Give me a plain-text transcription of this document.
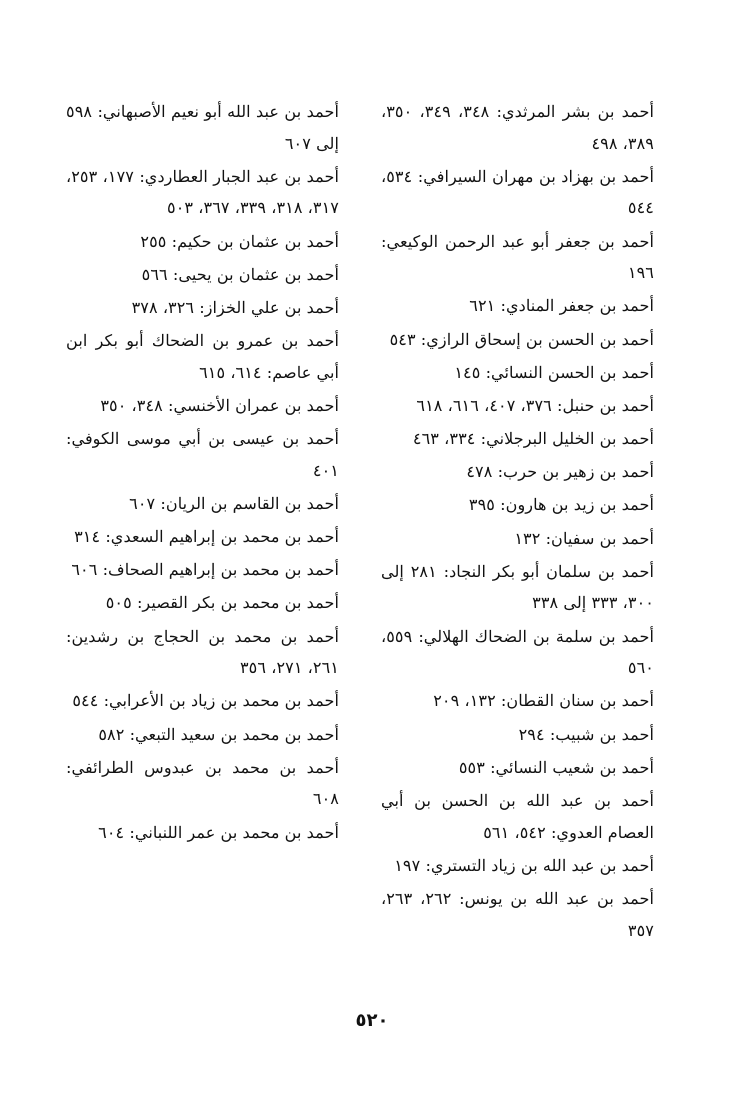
أحمد بن بشر المرثدي: ٣٤٨، ٣٤٩، ٣٥٠، ٣٨٩، ٤٩٨
أحمد بن بهزاد بن مهران السيرافي: ٥٣٤، ٥٤٤
أحمد بن جعفر أبو عبد الرحمن الوكيعي: ١٩٦
أحمد بن جعفر المنادي: ٦٢١
أحمد بن الحسن بن إسحاق الرازي: ٥٤٣
أحمد بن الحسن النسائي: ١٤٥
أحمد بن حنبل: ٣٧٦، ٤٠٧، ٦١٦، ٦١٨
أحمد بن الخليل البرجلاني: ٣٣٤، ٤٦٣
أحمد بن زهير بن حرب: ٤٧٨
أحمد بن زيد بن هارون: ٣٩٥
أحمد بن سفيان: ١٣٢
أحمد بن سلمان أبو بكر النجاد: ٢٨١ إلى ٣٠٠، ٣٣٣ إلى ٣٣٨
أحمد بن سلمة بن الضحاك الهلالي: ٥٥٩، ٥٦٠
أحمد بن سنان القطان: ١٣٢، ٢٠٩
أحمد بن شبيب: ٢٩٤
أحمد بن شعيب النسائي: ٥٥٣
أحمد بن عبد الله بن الحسن بن أبي العصام العدوي: ٥٤٢، ٥٦١
أحمد بن عبد الله بن زياد التستري: ١٩٧
أحمد بن عبد الله بن يونس: ٢٦٢، ٢٦٣، ٣٥٧
أحمد بن عبد الله أبو نعيم الأصبهاني: ٥٩٨ إلى ٦٠٧
أحمد بن عبد الجبار العطاردي: ١٧٧، ٢٥٣، ٣١٧، ٣١٨، ٣٣٩، ٣٦٧، ٥٠٣
أحمد بن عثمان بن حكيم: ٢٥٥
أحمد بن عثمان بن يحيى: ٥٦٦
أحمد بن علي الخزاز: ٣٢٦، ٣٧٨
أحمد بن عمرو بن الضحاك أبو بكر ابن أبي عاصم: ٦١٤، ٦١٥
أحمد بن عمران الأخنسي: ٣٤٨، ٣٥٠
أحمد بن عيسى بن أبي موسى الكوفي: ٤٠١
أحمد بن القاسم بن الريان: ٦٠٧
أحمد بن محمد بن إبراهيم السعدي: ٣١٤
أحمد بن محمد بن إبراهيم الصحاف: ٦٠٦
أحمد بن محمد بن بكر القصير: ٥٠٥
أحمد بن محمد بن الحجاج بن رشدين: ٢٦١، ٢٧١، ٣٥٦
أحمد بن محمد بن زياد بن الأعرابي: ٥٤٤
أحمد بن محمد بن سعيد التبعي: ٥٨٢
أحمد بن محمد بن عبدوس الطرائفي: ٦٠٨
أحمد بن محمد بن عمر اللنباني: ٦٠٤
٥٢٠
